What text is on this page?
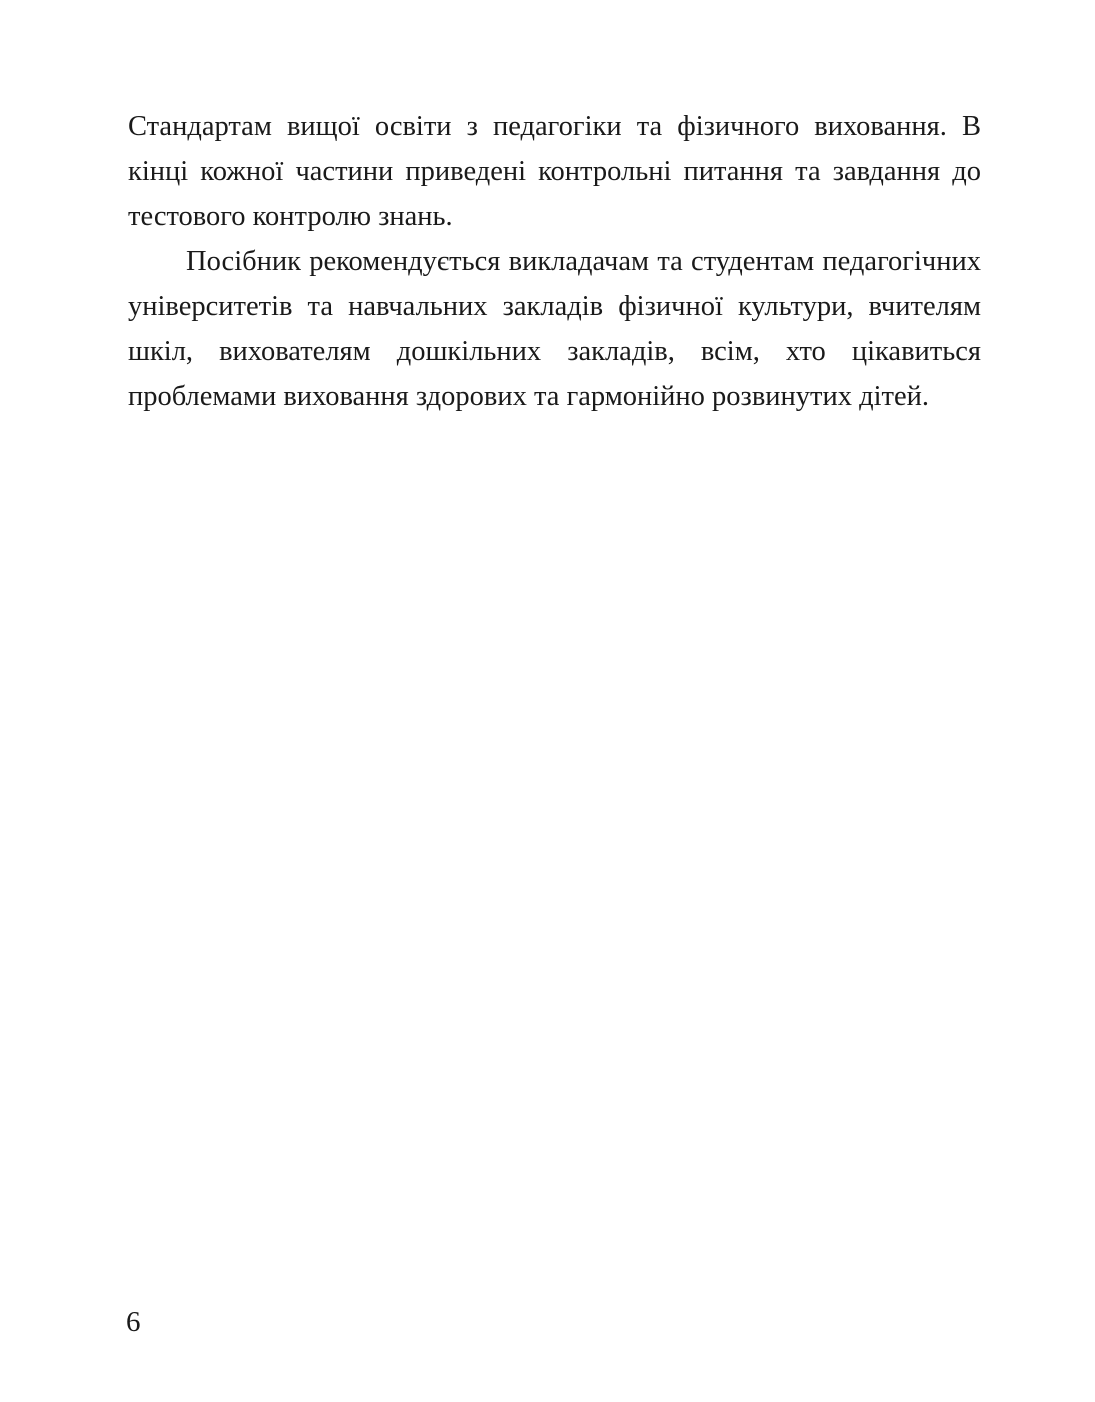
Стандартам вищої освіти з педагогіки та фізичного виховання. В кінці кожної частини приведені контрольні питання та завдання до тестового контролю знань.

Посібник рекомендується викладачам та студентам педагогічних університетів та навчальних закладів фізичної культури, вчителям шкіл, вихователям дошкільних закладів, всім, хто цікавиться проблемами виховання здорових та гармонійно розвинутих дітей.

6
